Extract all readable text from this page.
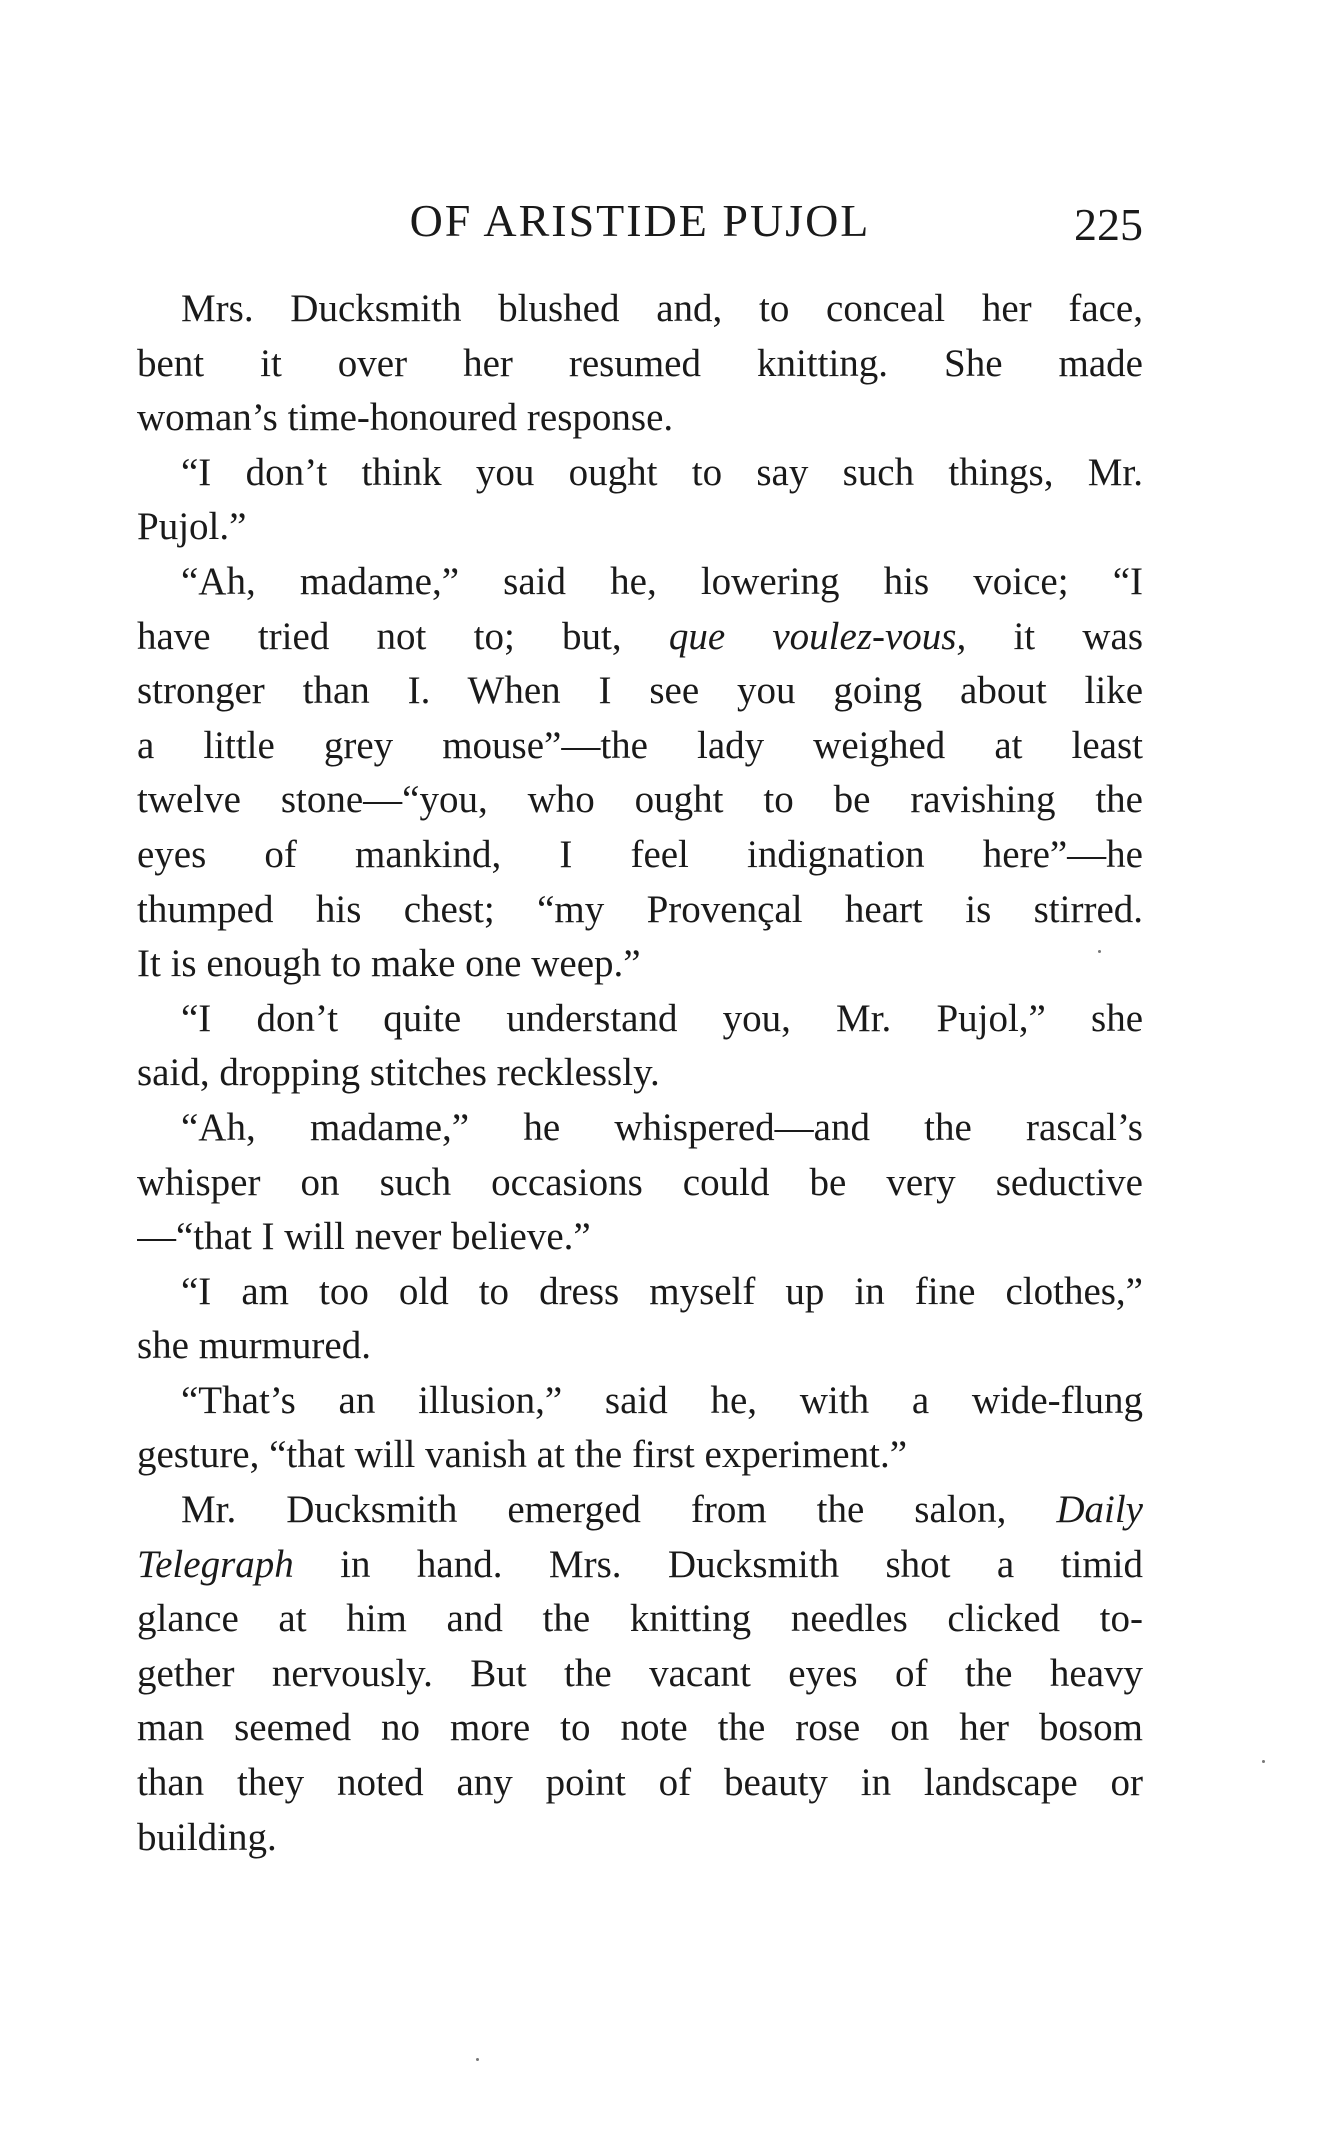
OF ARISTIDE PUJOL	225
Mrs. Ducksmith blushed and, to conceal her face,
bent it over her resumed knitting. She made
woman’s time-honoured response.
“I don’t think you ought to say such things, Mr.
Pujol.”
“Ah, madame,” said he, lowering his voice; “I
have tried not to; but, que voulez-vous, it was
stronger than I. When I see you going about like
a little grey mouse”—the lady weighed at least
twelve stone—“you, who ought to be ravishing the
eyes of mankind, I feel indignation here”—he
thumped his chest; “my Provençal heart is stirred.
It is enough to make one weep.”
“I don’t quite understand you, Mr. Pujol,” she
said, dropping stitches recklessly.
“Ah, madame,” he whispered—and the rascal’s
whisper on such occasions could be very seductive
—“that I will never believe.”
“I am too old to dress myself up in fine clothes,”
she murmured.
“That’s an illusion,” said he, with a wide-flung
gesture, “that will vanish at the first experiment.”
Mr. Ducksmith emerged from the salon, Daily
Telegraph in hand. Mrs. Ducksmith shot a timid
glance at him and the knitting needles clicked to-
gether nervously. But the vacant eyes of the heavy
man seemed no more to note the rose on her bosom
than they noted any point of beauty in landscape or
building.
